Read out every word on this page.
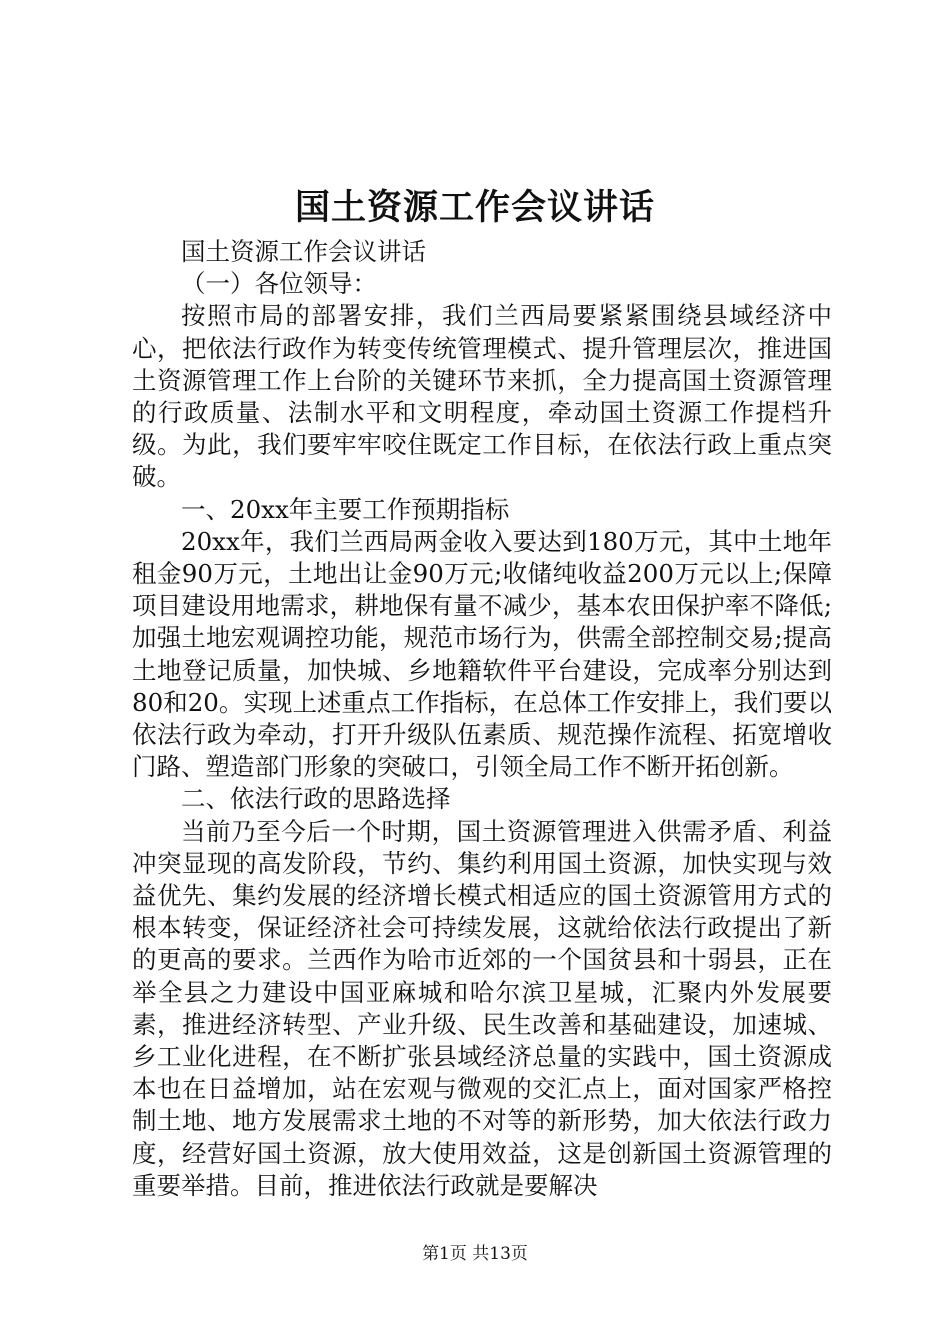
国土资源工作会议讲话

国土资源工作会议讲话

（一）各位领导：

按照市局的部署安排，我们兰西局要紧紧围绕县域经济中心，把依法行政作为转变传统管理模式、提升管理层次，推进国土资源管理工作上台阶的关键环节来抓，全力提高国土资源管理的行政质量、法制水平和文明程度，牵动国土资源工作提档升级。为此，我们要牢牢咬住既定工作目标，在依法行政上重点突破。

一、20xx年主要工作预期指标

20xx年，我们兰西局两金收入要达到180万元，其中土地年租金90万元，土地出让金90万元;收储纯收益200万元以上;保障项目建设用地需求，耕地保有量不减少，基本农田保护率不降低;加强土地宏观调控功能，规范市场行为，供需全部控制交易;提高土地登记质量，加快城、乡地籍软件平台建设，完成率分别达到80和20。实现上述重点工作指标，在总体工作安排上，我们要以依法行政为牵动，打开升级队伍素质、规范操作流程、拓宽增收门路、塑造部门形象的突破口，引领全局工作不断开拓创新。

二、依法行政的思路选择

当前乃至今后一个时期，国土资源管理进入供需矛盾、利益冲突显现的高发阶段，节约、集约利用国土资源，加快实现与效益优先、集约发展的经济增长模式相适应的国土资源管用方式的根本转变，保证经济社会可持续发展，这就给依法行政提出了新的更高的要求。兰西作为哈市近郊的一个国贫县和十弱县，正在举全县之力建设中国亚麻城和哈尔滨卫星城，汇聚内外发展要素，推进经济转型、产业升级、民生改善和基础建设，加速城、乡工业化进程，在不断扩张县域经济总量的实践中，国土资源成本也在日益增加，站在宏观与微观的交汇点上，面对国家严格控制土地、地方发展需求土地的不对等的新形势，加大依法行政力度，经营好国土资源，放大使用效益，这是创新国土资源管理的重要举措。目前，推进依法行政就是要解决

第1页 共13页
